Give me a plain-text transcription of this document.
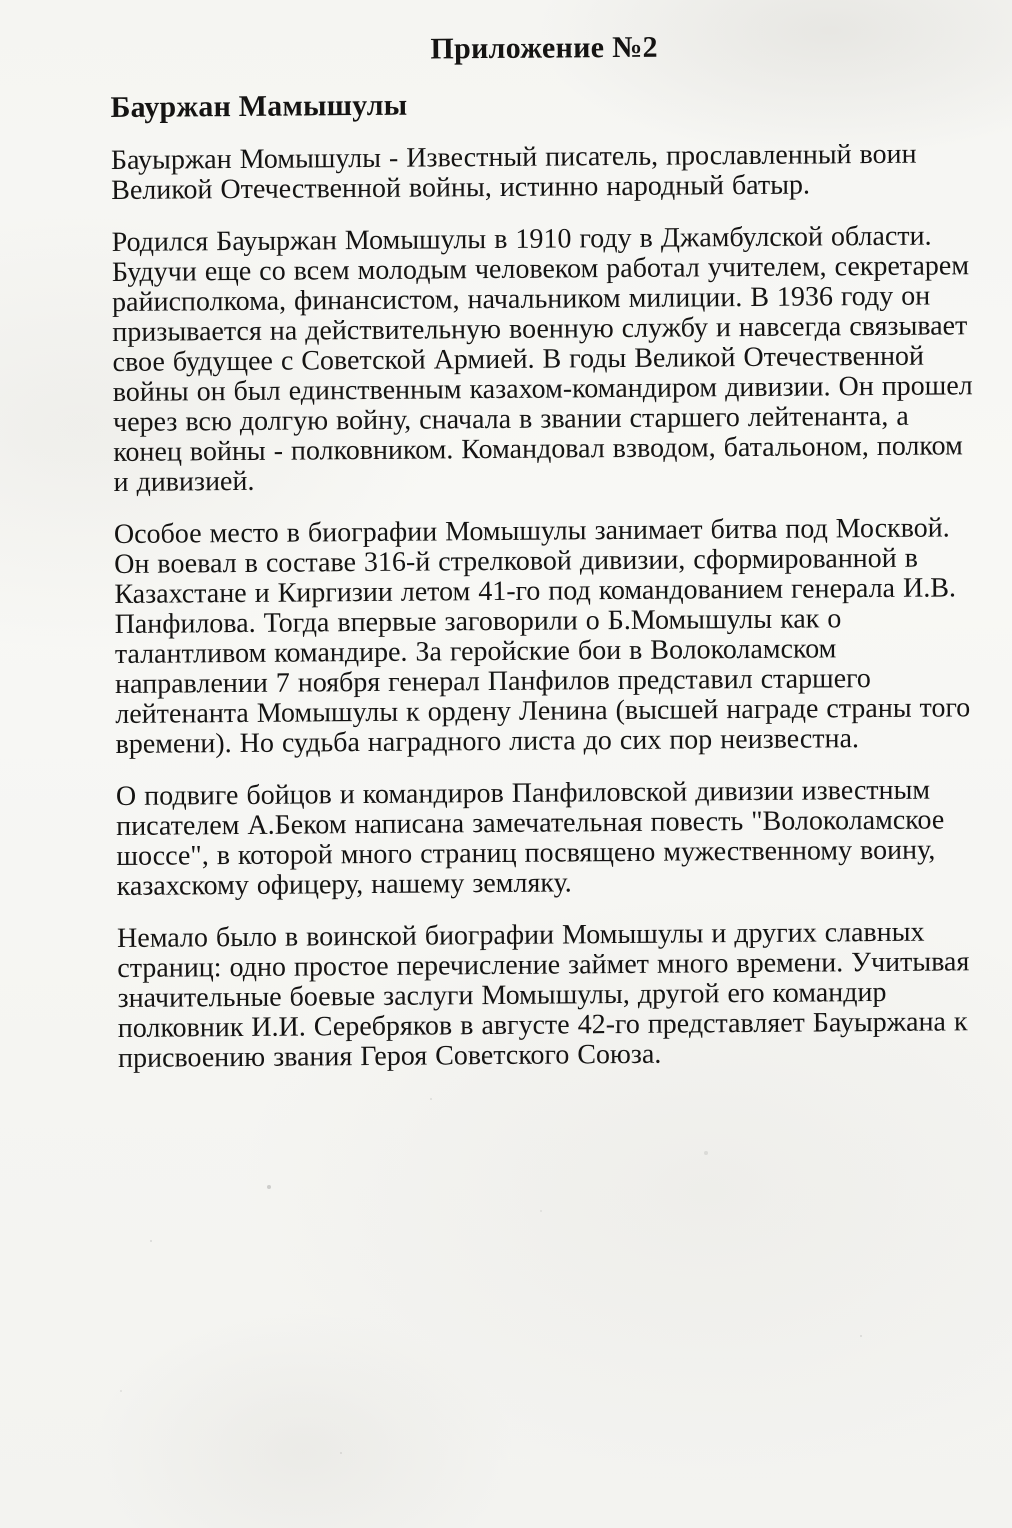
Приложение №2
Бауржан Мамышулы

Бауыржан Момышулы - Известный писатель, прославленный воин Великой Отечественной войны, истинно народный батыр.

Родился Бауыржан Момышулы в 1910 году в Джамбулской области. Будучи еще со всем молодым человеком работал учителем, секретарем райисполкома, финансистом, начальником милиции. В 1936 году он призывается на действительную военную службу и навсегда связывает свое будущее с Советской Армией. В годы Великой Отечественной войны он был единственным казахом-командиром дивизии. Он прошел через всю долгую войну, сначала в звании старшего лейтенанта, а конец войны - полковником. Командовал взводом, батальоном, полком и дивизией.

Особое место в биографии Момышулы занимает битва под Москвой. Он воевал в составе 316-й стрелковой дивизии, сформированной в Казахстане и Киргизии летом 41-го под командованием генерала И.В. Панфилова. Тогда впервые заговорили о Б.Момышулы как о талантливом командире. За геройские бои в Волоколамском направлении 7 ноября генерал Панфилов представил старшего лейтенанта Момышулы к ордену Ленина (высшей награде страны того времени). Но судьба наградного листа до сих пор неизвестна.

О подвиге бойцов и командиров Панфиловской дивизии известным писателем А.Беком написана замечательная повесть "Волоколамское шоссе", в которой много страниц посвящено мужественному воину, казахскому офицеру, нашему земляку.

Немало было в воинской биографии Момышулы и других славных страниц: одно простое перечисление займет много времени. Учитывая значительные боевые заслуги Момышулы, другой его командир полковник И.И. Серебряков в августе 42-го представляет Бауыржана к присвоению звания Героя Советского Союза.
